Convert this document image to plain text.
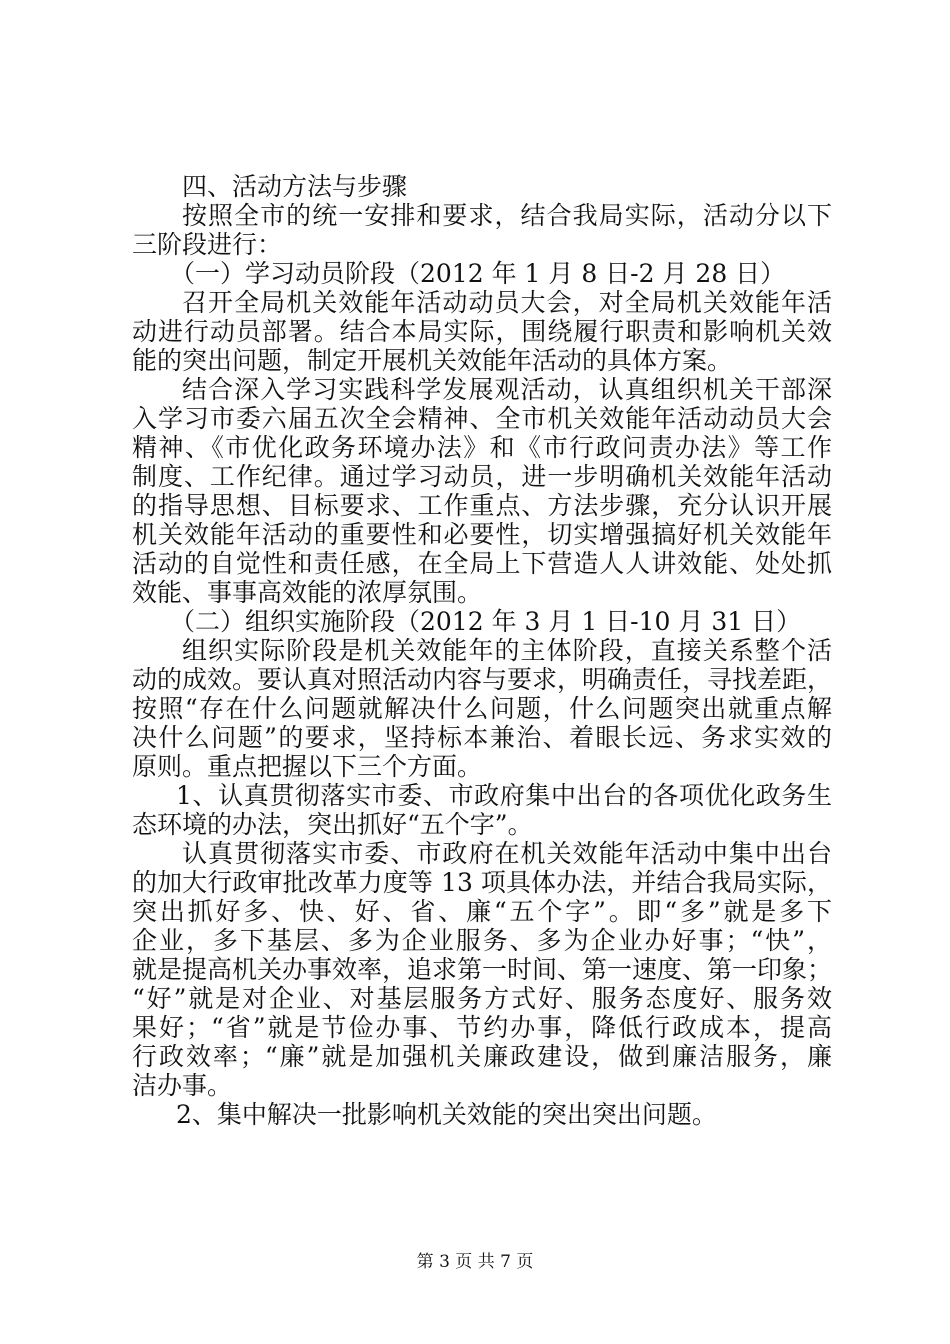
四、活动方法与步骤
按照全市的统一安排和要求，结合我局实际，活动分以下
三阶段进行：
（一）学习动员阶段（2012 年 1 月 8 日-2 月 28 日）
召开全局机关效能年活动动员大会，对全局机关效能年活
动进行动员部署。结合本局实际，围绕履行职责和影响机关效
能的突出问题，制定开展机关效能年活动的具体方案。
结合深入学习实践科学发展观活动，认真组织机关干部深
入学习市委六届五次全会精神、全市机关效能年活动动员大会
精神、《市优化政务环境办法》和《市行政问责办法》等工作
制度、工作纪律。通过学习动员，进一步明确机关效能年活动
的指导思想、目标要求、工作重点、方法步骤，充分认识开展
机关效能年活动的重要性和必要性，切实增强搞好机关效能年
活动的自觉性和责任感，在全局上下营造人人讲效能、处处抓
效能、事事高效能的浓厚氛围。
（二）组织实施阶段（2012 年 3 月 1 日-10 月 31 日）
组织实际阶段是机关效能年的主体阶段，直接关系整个活
动的成效。要认真对照活动内容与要求，明确责任，寻找差距，
按照“存在什么问题就解决什么问题，什么问题突出就重点解
决什么问题”的要求，坚持标本兼治、着眼长远、务求实效的
原则。重点把握以下三个方面。
1、认真贯彻落实市委、市政府集中出台的各项优化政务生
态环境的办法，突出抓好“五个字”。
认真贯彻落实市委、市政府在机关效能年活动中集中出台
的加大行政审批改革力度等 13 项具体办法，并结合我局实际，
突出抓好多、快、好、省、廉“五个字”。即“多”就是多下
企业，多下基层、多为企业服务、多为企业办好事；“快”，
就是提高机关办事效率，追求第一时间、第一速度、第一印象；
“好”就是对企业、对基层服务方式好、服务态度好、服务效
果好；“省”就是节俭办事、节约办事，降低行政成本，提高
行政效率；“廉”就是加强机关廉政建设，做到廉洁服务，廉
洁办事。
2、集中解决一批影响机关效能的突出突出问题。
第 3 页 共 7 页
